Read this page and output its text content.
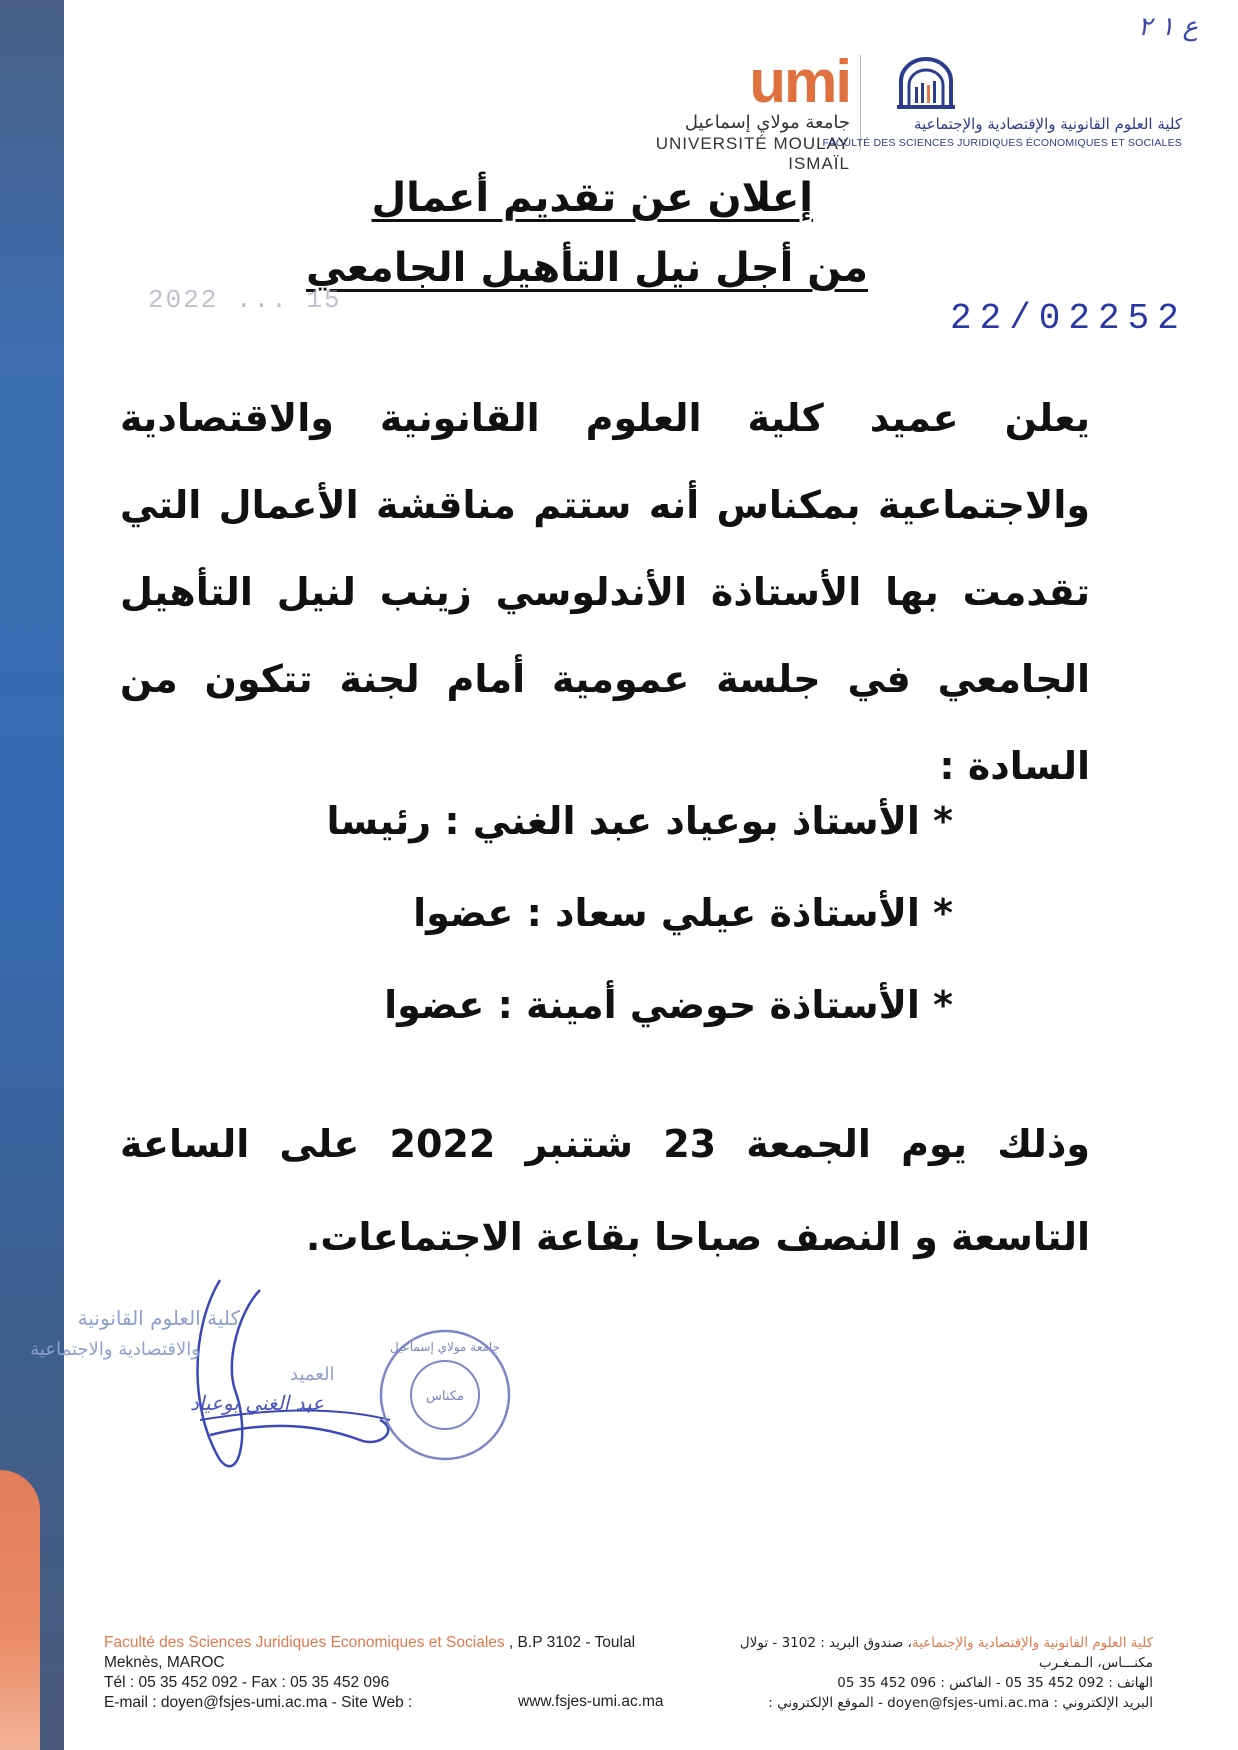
ع ١ ٢
umi
جامعة مولاي إسماعيل
UNIVERSITÉ MOULAY ISMAÏL
كلية العلوم القانونية والإقتصادية والإجتماعية
FACULTÉ DES SCIENCES JURIDIQUES ÉCONOMIQUES ET SOCIALES
إعلان عن تقديم أعمال
من أجل نيل التأهيل الجامعي
2022 ... 15	22/02252

يعلن عميد كلية العلوم القانونية والاقتصادية والاجتماعية بمكناس أنه ستتم مناقشة الأعمال التي تقدمت بها الأستاذة الأندلوسي زينب لنيل التأهيل الجامعي في جلسة عمومية أمام لجنة تتكون من السادة :

* الأستاذ بوعياد عبد الغني : رئيسا
* الأستاذة عيلي سعاد : عضوا
* الأستاذة حوضي أمينة : عضوا

وذلك يوم الجمعة 23 شتنبر 2022 على الساعة التاسعة و النصف صباحا بقاعة الاجتماعات.

كلية العلوم القانونية
والاقتصادية والاجتماعية
العميد
عبد الغني بوعياد	مكناس
جامعة مولاي إسماعيل
Faculté des Sciences Juridiques Economiques et Sociales , B.P 3102 - Toulal
Meknès, MAROC
Tél : 05 35 452 092 - Fax : 05 35 452 096
E-mail : doyen@fsjes-umi.ac.ma - Site Web :	www.fsjes-umi.ac.ma
كلية العلوم القانونية والإقتصادية والإجتماعية، صندوق البريد : 3102 - تولال
مكنـــاس، الـمـغـرب
الهاتف : 092 452 35 05 - الفاكس : 096 452 35 05
البريد الإلكتروني : doyen@fsjes-umi.ac.ma - الموقع الإلكتروني :
